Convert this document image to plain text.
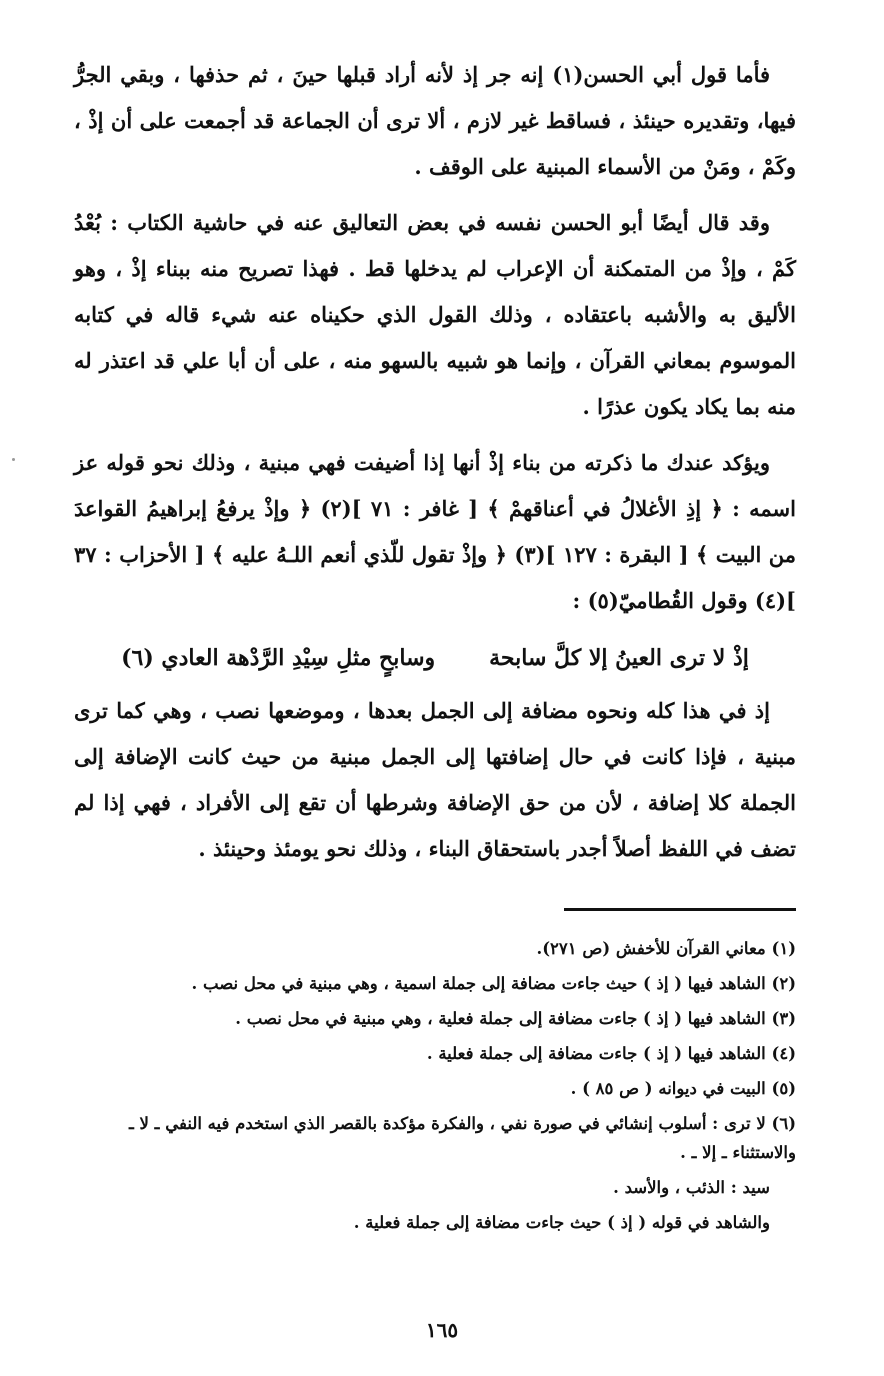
فأما قول أبي الحسن(١) إنه جر إذ لأنه أراد قبلها حينَ ، ثم حذفها ، وبقي الجرُّ فيها، وتقديره حينئذ ، فساقط غير لازم ، ألا ترى أن الجماعة قد أجمعت على أن إذْ ، وكَمْ ، ومَنْ من الأسماء المبنية على الوقف .

وقد قال أيضًا أبو الحسن نفسه في بعض التعاليق عنه في حاشية الكتاب : بُعْدُ كَمْ ، وإذْ من المتمكنة أن الإعراب لم يدخلها قط . فهذا تصريح منه ببناء إذْ ، وهو الأليق به والأشبه باعتقاده ، وذلك القول الذي حكيناه عنه شيء قاله في كتابه الموسوم بمعاني القرآن ، وإنما هو شبيه بالسهو منه ، على أن أبا علي قد اعتذر له منه بما يكاد يكون عذرًا .

ويؤكد عندك ما ذكرته من بناء إذْ أنها إذا أضيفت فهي مبنية ، وذلك نحو قوله عز اسمه : ﴿ إذِ الأغلالُ في أعناقهمْ ﴾ [ غافر : ٧١ ](٢) ﴿ وإذْ يرفعُ إبراهيمُ القواعدَ من البيت ﴾ [ البقرة : ١٢٧ ](٣) ﴿ وإذْ تقول للّذي أنعم اللـهُ عليه ﴾ [ الأحزاب : ٣٧ ](٤) وقول القُطاميّ(٥) :

إذْ لا ترى العينُ إلا كلَّ سابحة
وسابحٍ مثلِ سِيْدِ الرَّدْهة العادي (٦)

إذ في هذا كله ونحوه مضافة إلى الجمل بعدها ، وموضعها نصب ، وهي كما ترى مبنية ، فإذا كانت في حال إضافتها إلى الجمل مبنية من حيث كانت الإضافة إلى الجملة كلا إضافة ، لأن من حق الإضافة وشرطها أن تقع إلى الأفراد ، فهي إذا لم تضف في اللفظ أصلاً أجدر باستحقاق البناء ، وذلك نحو يومئذ وحينئذ .

(١) معاني القرآن للأخفش (ص ٢٧١).

(٢) الشاهد فيها ( إذ ) حيث جاءت مضافة إلى جملة اسمية ، وهي مبنية في محل نصب .

(٣) الشاهد فيها ( إذ ) جاءت مضافة إلى جملة فعلية ، وهي مبنية في محل نصب .

(٤) الشاهد فيها ( إذ ) جاءت مضافة إلى جملة فعلية .

(٥) البيت في ديوانه ( ص ٨٥ ) .

(٦) لا ترى : أسلوب إنشائي في صورة نفي ، والفكرة مؤكدة بالقصر الذي استخدم فيه النفي ـ لا ـ والاستثناء ـ إلا ـ .

سيد : الذئب ، والأسد .

والشاهد في قوله ( إذ ) حيث جاءت مضافة إلى جملة فعلية .

١٦٥
